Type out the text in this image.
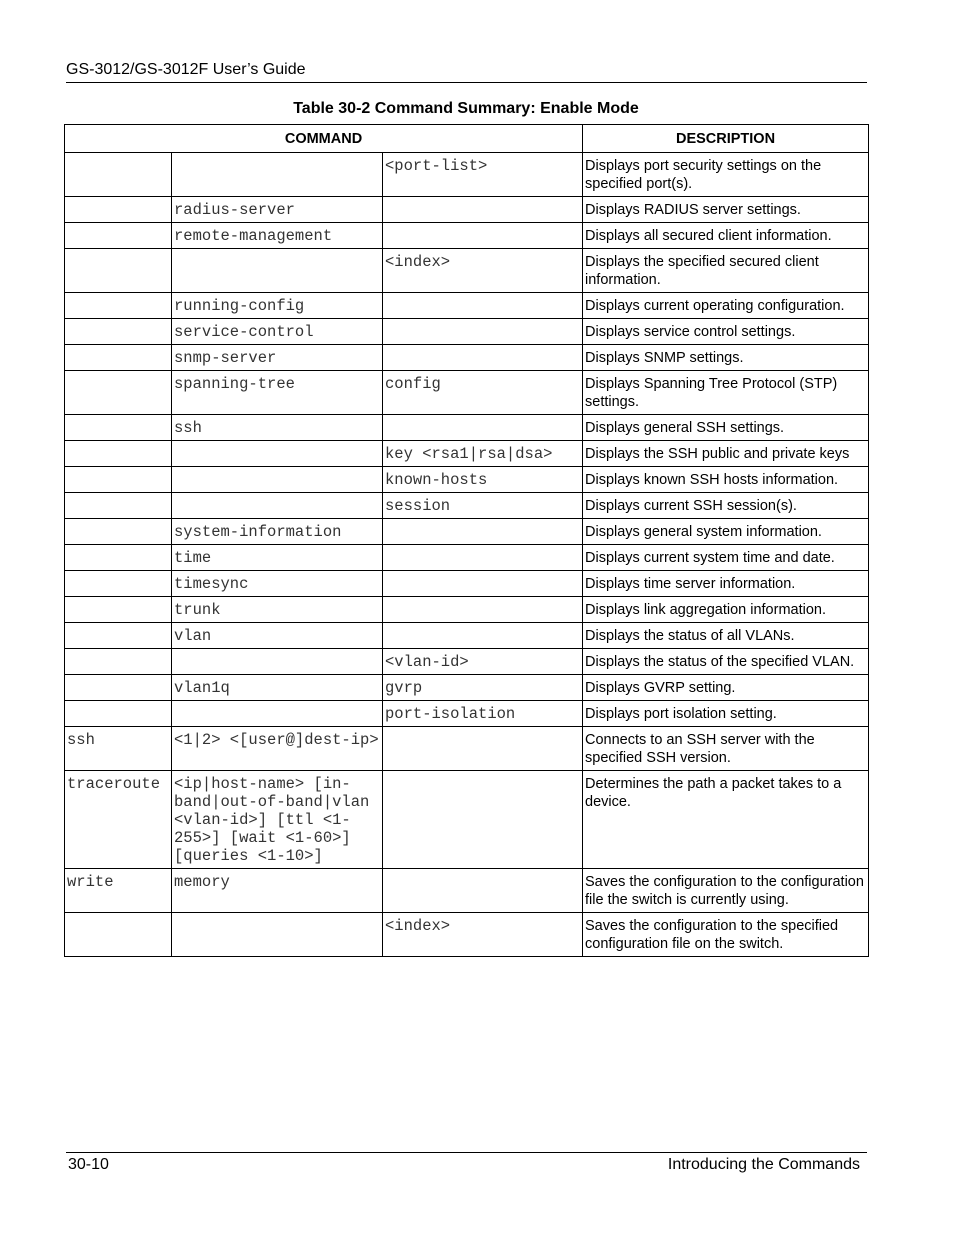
GS-3012/GS-3012F User’s Guide
Table 30-2 Command Summary: Enable Mode
COMMAND			DESCRIPTION
		<port-list>	Displays port security settings on the specified port(s).
	radius-server		Displays RADIUS server settings.
	remote-management		Displays all secured client information.
		<index>	Displays the specified secured client information.
	running-config		Displays current operating configuration.
	service-control		Displays service control settings.
	snmp-server		Displays SNMP settings.
	spanning-tree	config	Displays Spanning Tree Protocol (STP) settings.
	ssh		Displays general SSH settings.
		key <rsa1|rsa|dsa>	Displays the SSH public and private keys
		known-hosts	Displays known SSH hosts information.
		session	Displays current SSH session(s).
	system-information		Displays general system information.
	time		Displays current system time and date.
	timesync		Displays time server information.
	trunk		Displays link aggregation information.
	vlan		Displays the status of all VLANs.
		<vlan-id>	Displays the status of the specified VLAN.
	vlan1q	gvrp	Displays GVRP setting.
		port-isolation	Displays port isolation setting.
ssh	<1|2> <[user@]dest-ip>		Connects to an SSH server with the specified SSH version.
traceroute	<ip|host-name> [in-band|out-of-band|vlan <vlan-id>] [ttl <1-255>] [wait <1-60>] [queries <1-10>]		Determines the path a packet takes to a device.
write	memory		Saves the configuration to the configuration file the switch is currently using.
		<index>	Saves the configuration to the specified configuration file on the switch.
30-10	Introducing the Commands
